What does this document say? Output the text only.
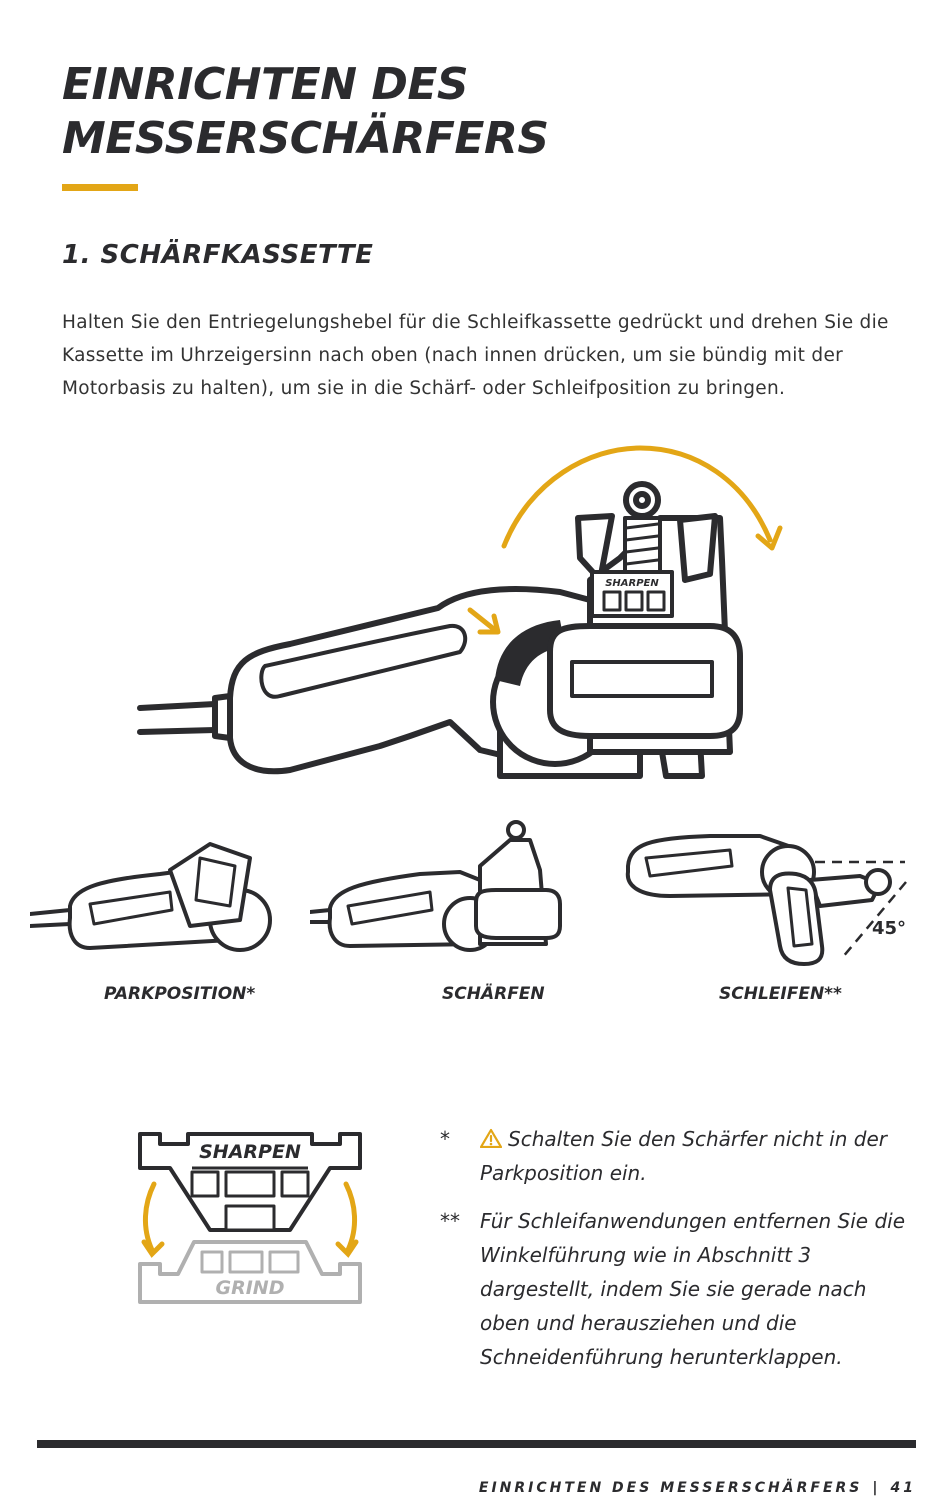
EINRICHTEN DES
MESSERSCHÄRFERS
1. SCHÄRFKASSETTE

Halten Sie den Entriegelungshebel für die Schleifkassette gedrückt und drehen Sie die Kassette im Uhrzeigersinn nach oben (nach innen drücken, um sie bündig mit der Motorbasis zu halten), um sie in die Schärf- oder Schleifposition zu bringen.

SHARPEN
45°
PARKPOSITION*	SCHÄRFEN	SCHLEIFEN**
GRIND
SHARPEN
*	Schalten Sie den Schärfer nicht in der Parkposition ein.
** Für Schleifanwendungen entfernen Sie die Winkelführung wie in Abschnitt 3 dargestellt, indem Sie sie gerade nach oben und herausziehen und die Schneidenführung herunterklappen.
EINRICHTEN DES MESSERSCHÄRFERS | 41
